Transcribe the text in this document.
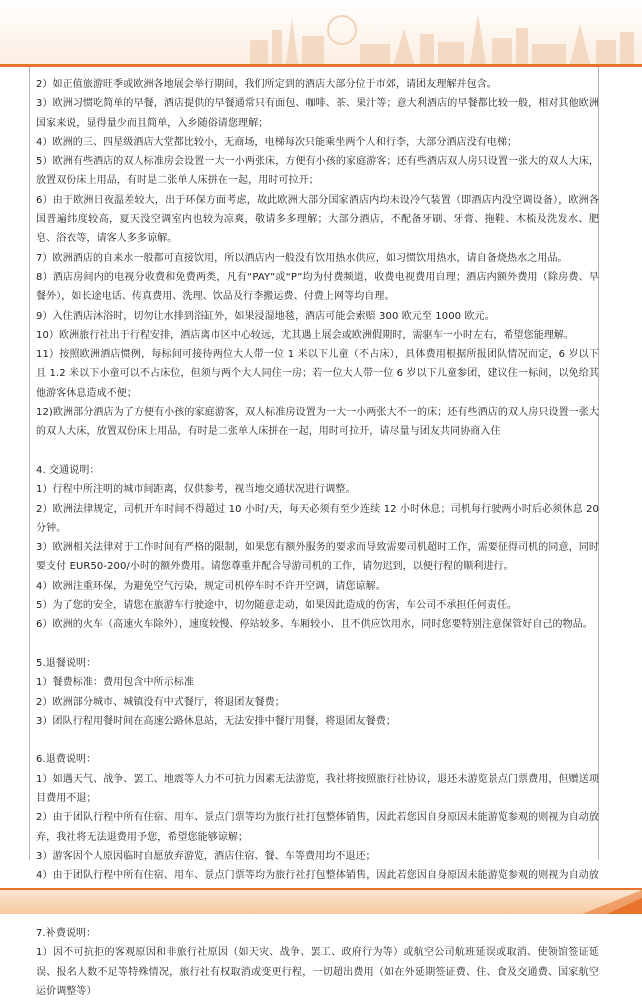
2）如正值旅游旺季或欧洲各地展会举行期间，我们所定到的酒店大部分位于市郊，请团友理解并包含。

3）欧洲习惯吃简单的早餐，酒店提供的早餐通常只有面包、咖啡、茶、果汁等；意大利酒店的早餐都比较一般，相对其他欧洲国家来说，显得量少而且简单，入乡随俗请您理解；

4）欧洲的三、四星级酒店大堂都比较小，无商场，电梯每次只能乘坐两个人和行李，大部分酒店没有电梯；

5）欧洲有些酒店的双人标准房会设置一大一小两张床，方便有小孩的家庭游客；还有些酒店双人房只设置一张大的双人大床，放置双份床上用品，有时是二张单人床拼在一起，用时可拉开；

6）由于欧洲日夜温差较大，出于环保方面考虑，故此欧洲大部分国家酒店内均未设冷气装置（即酒店内没空调设备），欧洲各国普遍纬度较高，夏天没空调室内也较为凉爽，敬请多多理解；大部分酒店，不配备牙刷、牙膏、拖鞋、木梳及洗发水、肥皂、浴衣等，请客人多多谅解。

7）欧洲酒店的自来水一般都可直接饮用，所以酒店内一般没有饮用热水供应，如习惯饮用热水，请自备烧热水之用品。

8）酒店房间内的电视分收费和免费两类，凡有“PAY”或“P”均为付费频道，收费电视费用自理；酒店内额外费用（除房费、早餐外），如长途电话、传真费用、洗理、饮品及行李搬运费、付费上网等均自理。

9）入住酒店沐浴时，切勿让水排到浴缸外，如果浸湿地毯，酒店可能会索赔 300 欧元至 1000 欧元。

10）欧洲旅行社出于行程安排，酒店离市区中心较远，尤其遇上展会或欧洲假期时，需驱车一小时左右，希望您能理解。

11）按照欧洲酒店惯例，每标间可接待两位大人带一位 1 米以下儿童（不占床），具体费用根据所报团队情况而定，6 岁以下且 1.2 米以下小童可以不占床位，但须与两个大人同住一房；若一位大人带一位 6 岁以下儿童参团，建议住一标间，以免给其他游客休息造成不便；

12)欧洲部分酒店为了方便有小孩的家庭游客，双人标准房设置为一大一小两张大不一的床；还有些酒店的双人房只设置一张大的双人大床，放置双份床上用品，有时是二张单人床拼在一起，用时可拉开，请尽量与团友共同协商入住

4. 交通说明：

1）行程中所注明的城市间距离，仅供参考，视当地交通状况进行调整。

2）欧洲法律规定，司机开车时间不得超过 10 小时/天，每天必须有至少连续 12 小时休息；司机每行驶两小时后必须休息 20 分钟。

3）欧洲相关法律对于工作时间有严格的限制，如果您有额外服务的要求而导致需要司机超时工作，需要征得司机的同意，同时要支付 EUR50-200/小时的额外费用。请您尊重并配合导游司机的工作，请勿迟到，以便行程的顺利进行。

4）欧洲注重环保，为避免空气污染，规定司机停车时不许开空调，请您谅解。

5）为了您的安全，请您在旅游车行驶途中，切勿随意走动，如果因此造成的伤害，车公司不承担任何责任。

6）欧洲的火车（高速火车除外），速度较慢、停站较多、车厢较小、且不供应饮用水，同时您要特别注意保管好自己的物品。

5.退餐说明：

1）餐费标准：费用包含中所示标准

2）欧洲部分城市、城镇没有中式餐厅，将退团友餐费；

3）团队行程用餐时间在高速公路休息站，无法安排中餐厅用餐，将退团友餐费；

6.退费说明：

1）如遇天气、战争、罢工、地震等人力不可抗力因素无法游览，我社将按照旅行社协议，退还未游览景点门票费用，但赠送项目费用不退；

2）由于团队行程中所有住宿、用车、景点门票等均为旅行社打包整体销售，因此若您因自身原因未能游览参观的则视为自动放弃，我社将无法退费用予您，希望您能够谅解；

3）游客因个人原因临时自愿放弃游览，酒店住宿、餐、车等费用均不退还；

4）由于团队行程中所有住宿、用车、景点门票等均为旅行社打包整体销售，因此若您因自身原因未能游览参观的则视为自动放

7.补费说明：

1）因不可抗拒的客观原因和非旅行社原因（如天灾、战争、罢工、政府行为等）或航空公司航班延误或取消、使领馆签证延误、报名人数不足等特殊情况，旅行社有权取消或变更行程，一切超出费用（如在外延期签证费、住、食及交通费、国家航空运价调整等）
